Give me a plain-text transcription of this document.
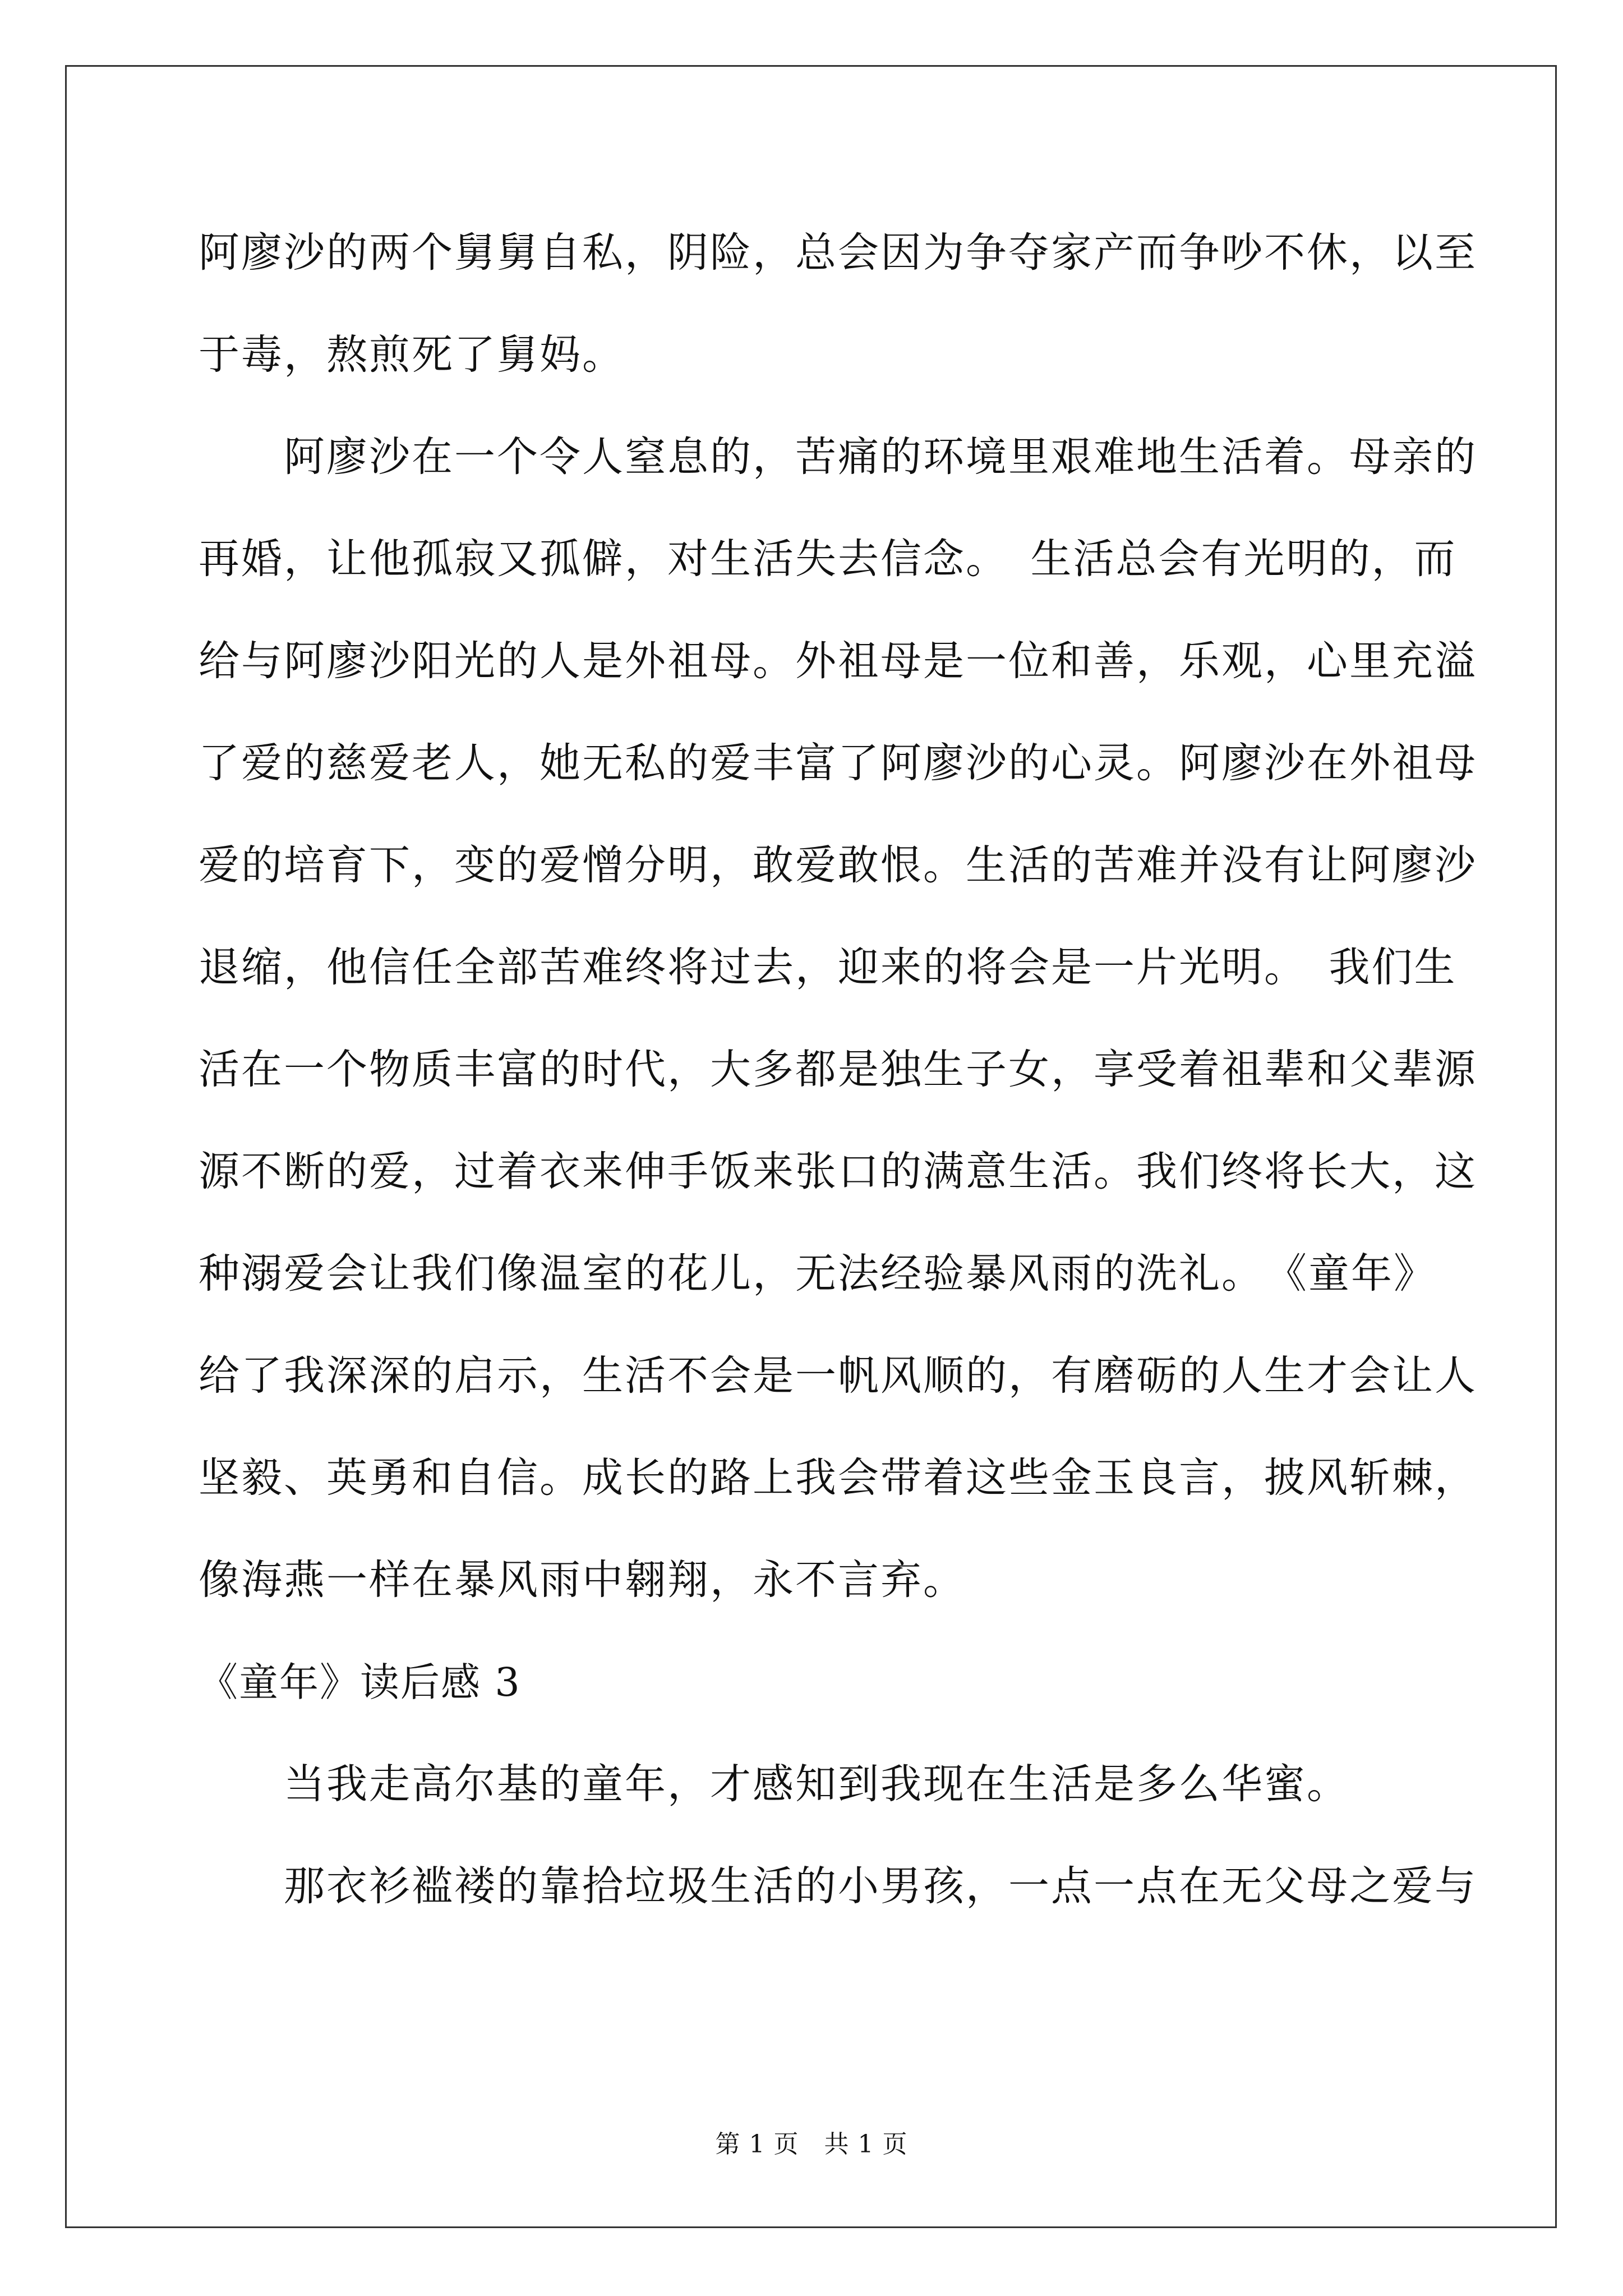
阿廖沙的两个舅舅自私，阴险，总会因为争夺家产而争吵不休，以至
于毒，熬煎死了舅妈。
　　阿廖沙在一个令人窒息的，苦痛的环境里艰难地生活着。母亲的
再婚，让他孤寂又孤僻，对生活失去信念。　生活总会有光明的，而
给与阿廖沙阳光的人是外祖母。外祖母是一位和善，乐观，心里充溢
了爱的慈爱老人，她无私的爱丰富了阿廖沙的心灵。阿廖沙在外祖母
爱的培育下，变的爱憎分明，敢爱敢恨。生活的苦难并没有让阿廖沙
退缩，他信任全部苦难终将过去，迎来的将会是一片光明。　我们生
活在一个物质丰富的时代，大多都是独生子女，享受着祖辈和父辈源
源不断的爱，过着衣来伸手饭来张口的满意生活。我们终将长大，这
种溺爱会让我们像温室的花儿，无法经验暴风雨的洗礼。　《童年》
给了我深深的启示，生活不会是一帆风顺的，有磨砺的人生才会让人
坚毅、英勇和自信。成长的路上我会带着这些金玉良言，披风斩棘，
像海燕一样在暴风雨中翱翔，永不言弃。
《童年》读后感 3
　　当我走高尔基的童年，才感知到我现在生活是多么华蜜。
　　那衣衫褴褛的靠拾垃圾生活的小男孩，一点一点在无父母之爱与
第 1 页　共 1 页
